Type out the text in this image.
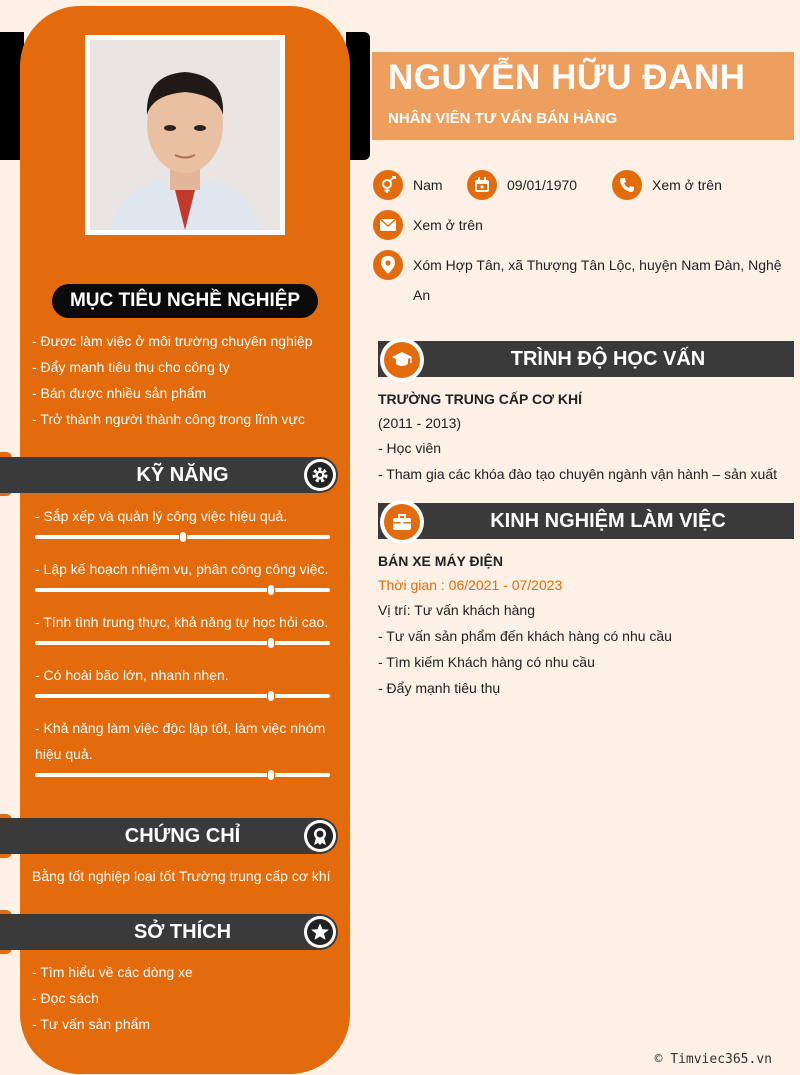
MỤC TIÊU NGHỀ NGHIỆP
- Được làm việc ở môi trường chuyên nghiệp
- Đẩy mạnh tiêu thụ cho công ty
- Bán được nhiều sản phẩm
- Trở thành người thành công trong lĩnh vực
KỸ NĂNG
- Sắp xếp và quản lý công việc hiệu quả.
- Lập kế hoạch nhiệm vụ, phân công công việc.
- Tính tình trung thực, khả năng tự học hỏi cao.
- Có hoài bão lớn, nhanh nhẹn.
- Khả năng làm việc độc lập tốt, làm việc nhóm
hiệu quả.
CHỨNG CHỈ
Bằng tốt nghiệp loại tốt Trường trung cấp cơ khí
SỞ THÍCH
- Tìm hiểu về các dòng xe
- Đọc sách
- Tư vấn sản phẩm
NGUYỄN HỮU ĐANH
NHÂN VIÊN TƯ VẤN BÁN HÀNG
Nam	09/01/1970	Xem ở trên
Xem ở trên
Xóm Hợp Tân, xã Thượng Tân Lộc, huyện Nam Đàn, Nghệ
An
TRÌNH ĐỘ HỌC VẤN
TRƯỜNG TRUNG CẤP CƠ KHÍ
(2011 - 2013)
- Học viên
- Tham gia các khóa đào tạo chuyên ngành vận hành – sản xuất
KINH NGHIỆM LÀM VIỆC
BÁN XE MÁY ĐIỆN
Thời gian : 06/2021 - 07/2023
Vị trí: Tư vấn khách hàng
- Tư vấn sản phẩm đến khách hàng có nhu cầu
- Tìm kiếm Khách hàng có nhu cầu
- Đẩy mạnh tiêu thụ
© Timviec365.vn
